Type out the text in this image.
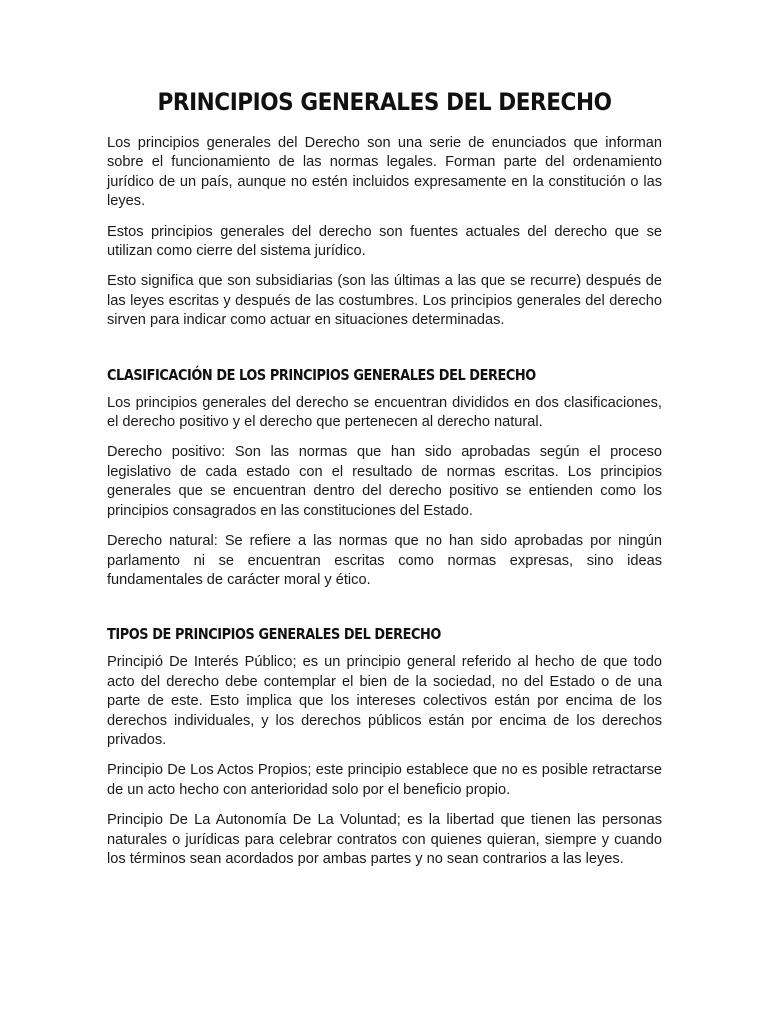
PRINCIPIOS GENERALES DEL DERECHO

Los principios generales del Derecho son una serie de enunciados que informan sobre el funcionamiento de las normas legales. Forman parte del ordenamiento jurídico de un país, aunque no estén incluidos expresamente en la constitución o las leyes.

Estos principios generales del derecho son fuentes actuales del derecho que se utilizan como cierre del sistema jurídico.

Esto significa que son subsidiarias (son las últimas a las que se recurre) después de las leyes escritas y después de las costumbres. Los principios generales del derecho sirven para indicar como actuar en situaciones determinadas.

CLASIFICACIÓN DE LOS PRINCIPIOS GENERALES DEL DERECHO

Los principios generales del derecho se encuentran divididos en dos clasificaciones, el derecho positivo y el derecho que pertenecen al derecho natural.

Derecho positivo: Son las normas que han sido aprobadas según el proceso legislativo de cada estado con el resultado de normas escritas. Los principios generales que se encuentran dentro del derecho positivo se entienden como los principios consagrados en las constituciones del Estado.

Derecho natural: Se refiere a las normas que no han sido aprobadas por ningún parlamento ni se encuentran escritas como normas expresas, sino ideas fundamentales de carácter moral y ético.

TIPOS DE PRINCIPIOS GENERALES DEL DERECHO

Principió De Interés Público; es un principio general referido al hecho de que todo acto del derecho debe contemplar el bien de la sociedad, no del Estado o de una parte de este. Esto implica que los intereses colectivos están por encima de los derechos individuales, y los derechos públicos están por encima de los derechos privados.

Principio De Los Actos Propios; este principio establece que no es posible retractarse de un acto hecho con anterioridad solo por el beneficio propio.

Principio De La Autonomía De La Voluntad; es la libertad que tienen las personas naturales o jurídicas para celebrar contratos con quienes quieran, siempre y cuando los términos sean acordados por ambas partes y no sean contrarios a las leyes.
